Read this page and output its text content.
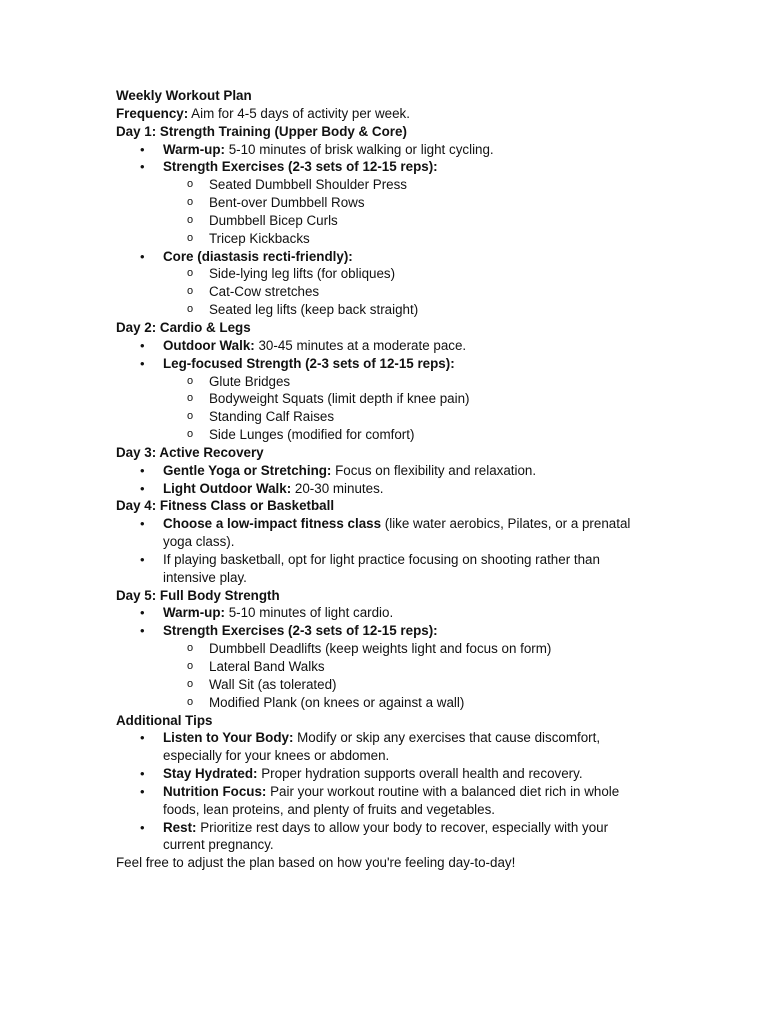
Weekly Workout Plan

Frequency: Aim for 4-5 days of activity per week.

Day 1: Strength Training (Upper Body & Core)

• Warm-up: 5-10 minutes of brisk walking or light cycling.
• Strength Exercises (2-3 sets of 12-15 reps):
o Seated Dumbbell Shoulder Press
o Bent-over Dumbbell Rows
o Dumbbell Bicep Curls
o Tricep Kickbacks
• Core (diastasis recti-friendly):
o Side-lying leg lifts (for obliques)
o Cat-Cow stretches
o Seated leg lifts (keep back straight)

Day 2: Cardio & Legs

• Outdoor Walk: 30-45 minutes at a moderate pace.
• Leg-focused Strength (2-3 sets of 12-15 reps):
o Glute Bridges
o Bodyweight Squats (limit depth if knee pain)
o Standing Calf Raises
o Side Lunges (modified for comfort)

Day 3: Active Recovery

• Gentle Yoga or Stretching: Focus on flexibility and relaxation.
• Light Outdoor Walk: 20-30 minutes.

Day 4: Fitness Class or Basketball

• Choose a low-impact fitness class (like water aerobics, Pilates, or a prenatal yoga class).
• If playing basketball, opt for light practice focusing on shooting rather than intensive play.

Day 5: Full Body Strength

• Warm-up: 5-10 minutes of light cardio.
• Strength Exercises (2-3 sets of 12-15 reps):
o Dumbbell Deadlifts (keep weights light and focus on form)
o Lateral Band Walks
o Wall Sit (as tolerated)
o Modified Plank (on knees or against a wall)

Additional Tips

• Listen to Your Body: Modify or skip any exercises that cause discomfort, especially for your knees or abdomen.
• Stay Hydrated: Proper hydration supports overall health and recovery.
• Nutrition Focus: Pair your workout routine with a balanced diet rich in whole foods, lean proteins, and plenty of fruits and vegetables.
• Rest: Prioritize rest days to allow your body to recover, especially with your current pregnancy.

Feel free to adjust the plan based on how you're feeling day-to-day!
